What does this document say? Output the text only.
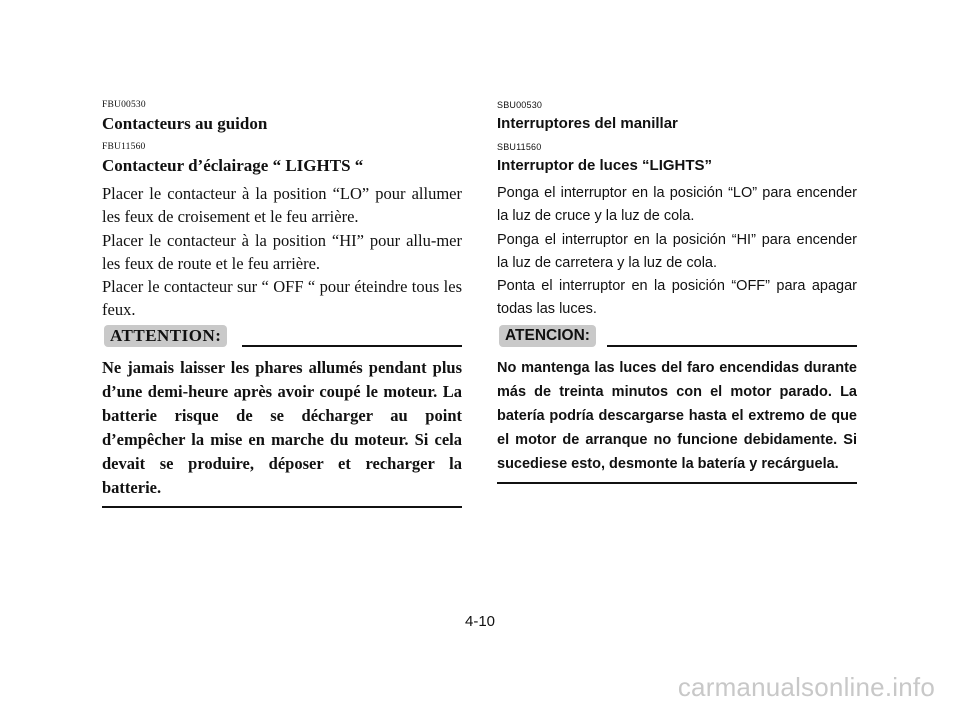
FBU00530

Contacteurs au guidon

FBU11560

Contacteur d’éclairage “ LIGHTS “

Placer le contacteur à la position “LO” pour allumer les feux de croisement et le feu arrière.

Placer le contacteur à la position “HI” pour allu-mer les feux de route et le feu arrière.

Placer le contacteur sur “ OFF “ pour éteindre tous les feux.

ATTENTION:

Ne jamais laisser les phares allumés pendant plus d’une demi-heure après avoir coupé le moteur. La batterie risque de se décharger au point d’empêcher la mise en marche du moteur. Si cela devait se produire, déposer et recharger la batterie.

SBU00530

Interruptores del manillar

SBU11560

Interruptor de luces “LIGHTS”

Ponga el interruptor en la posición “LO” para encender la luz de cruce y la luz de cola.

Ponga el interruptor en la posición “HI” para encender la luz de carretera y la luz de cola.

Ponta el interruptor en la posición “OFF” para apagar todas las luces.

ATENCION:

No mantenga las luces del faro encendidas durante más de treinta minutos con el motor parado. La batería podría descargarse hasta el extremo de que el motor de arranque no funcione debidamente. Si sucediese esto, desmonte la batería y recárguela.

4-10
carmanualsonline.info
